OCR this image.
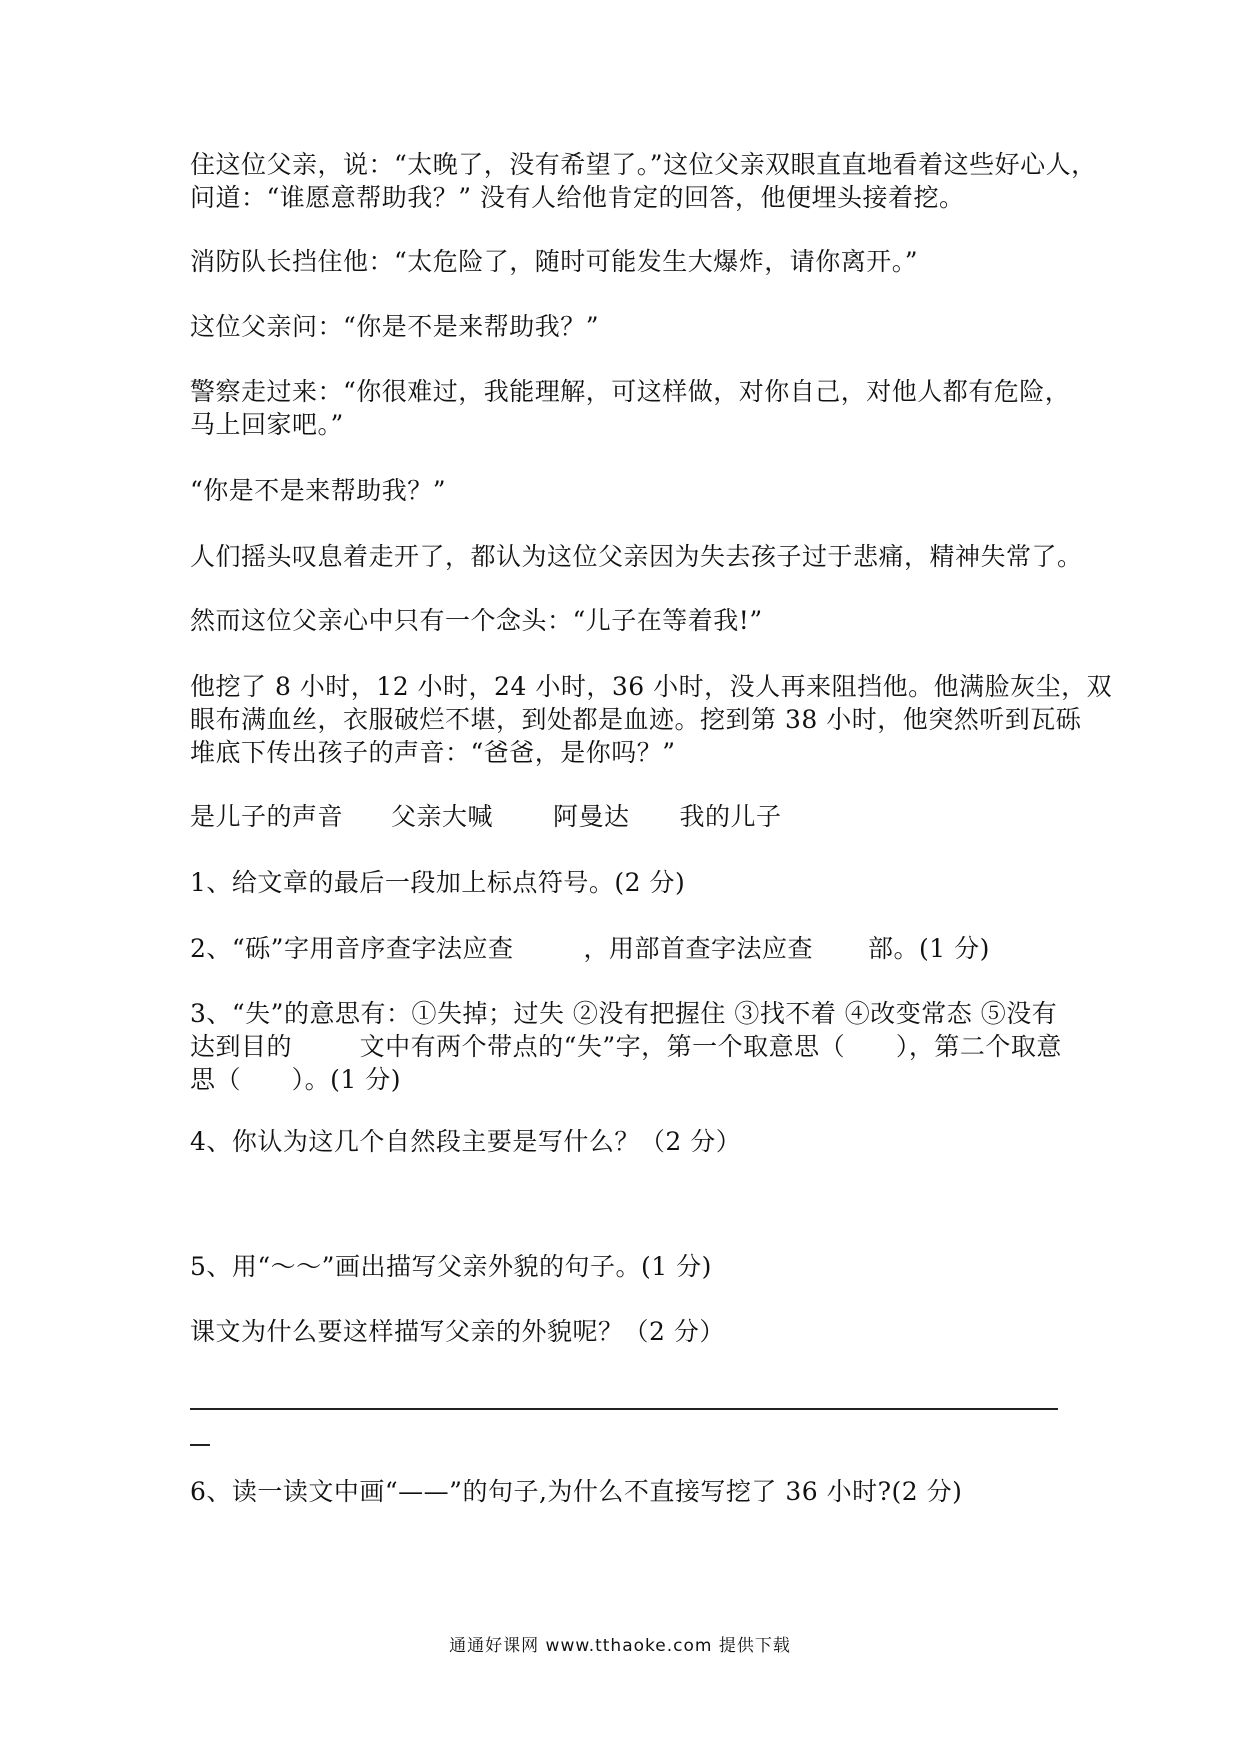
住这位父亲，说：“太晚了，没有希望了。”这位父亲双眼直直地看着这些好心人，
问道：“谁愿意帮助我？” 没有人给他肯定的回答，他便埋头接着挖。

消防队长挡住他：“太危险了，随时可能发生大爆炸，请你离开。”

这位父亲问：“你是不是来帮助我？”

警察走过来：“你很难过，我能理解，可这样做，对你自己，对他人都有危险，
马上回家吧。”

“你是不是来帮助我？”

人们摇头叹息着走开了，都认为这位父亲因为失去孩子过于悲痛，精神失常了。

然而这位父亲心中只有一个念头：“儿子在等着我!”

他挖了 8 小时，12 小时，24 小时，36 小时，没人再来阻挡他。他满脸灰尘，双
眼布满血丝，衣服破烂不堪，到处都是血迹。挖到第 38 小时，他突然听到瓦砾
堆底下传出孩子的声音：“爸爸，是你吗？”

是儿子的声音 父亲大喊 阿曼达 我的儿子

1、给文章的最后一段加上标点符号。(2 分)

2、“砾”字用音序查字法应查	，用部首查字法应查 部。(1 分)

3、“失”的意思有：①失掉；过失 ②没有把握住 ③找不着 ④改变常态 ⑤没有
达到目的        文中有两个带点的“失”字，第一个取意思（      ），第二个取意
思（      ）。(1 分)

4、你认为这几个自然段主要是写什么？（2 分）

5、用“～～”画出描写父亲外貌的句子。(1 分)

课文为什么要这样描写父亲的外貌呢？（2 分）

6、读一读文中画“——”的句子,为什么不直接写挖了 36 小时?(2 分)

通通好课网 www.tthaoke.com 提供下载
